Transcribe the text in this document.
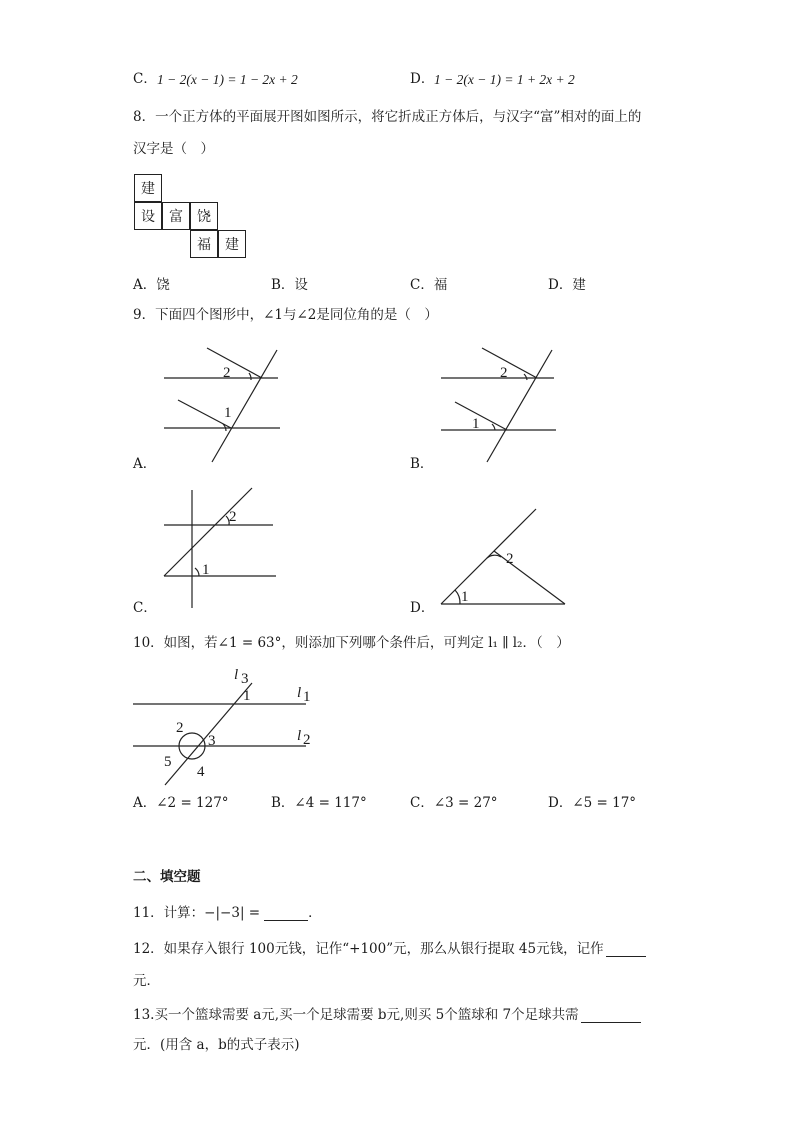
C． 1 − 2(x − 1) = 1 − 2x + 2	D． 1 − 2(x − 1) = 1 + 2x + 2
8．一个正方体的平面展开图如图所示，将它折成正方体后，与汉字“富”相对的面上的
汉字是（　）
建
设	富	饶
福	建
A．饶	B．设	C．福	D．建
9．下面四个图形中，∠1与∠2是同位角的是（　）
2
1
A．
2
1
B．
2
1
C．
2
1
D．
10．如图，若∠1 = 63°，则添加下列哪个条件后，可判定 l₁ ∥ l₂．（　）
l 3
1	l 1
l 2
2
3
5
4
A．∠2 = 127°	B．∠4 = 117°	C．∠3 = 27°	D．∠5 = 17°
二、填空题
11．计算：−|−3| =	．
12．如果存入银行 100元钱，记作“+100”元，那么从银行提取 45元钱，记作
元．
13.买一个篮球需要 a元,买一个足球需要 b元,则买 5个篮球和 7个足球共需
元．(用含 a，b的式子表示)
